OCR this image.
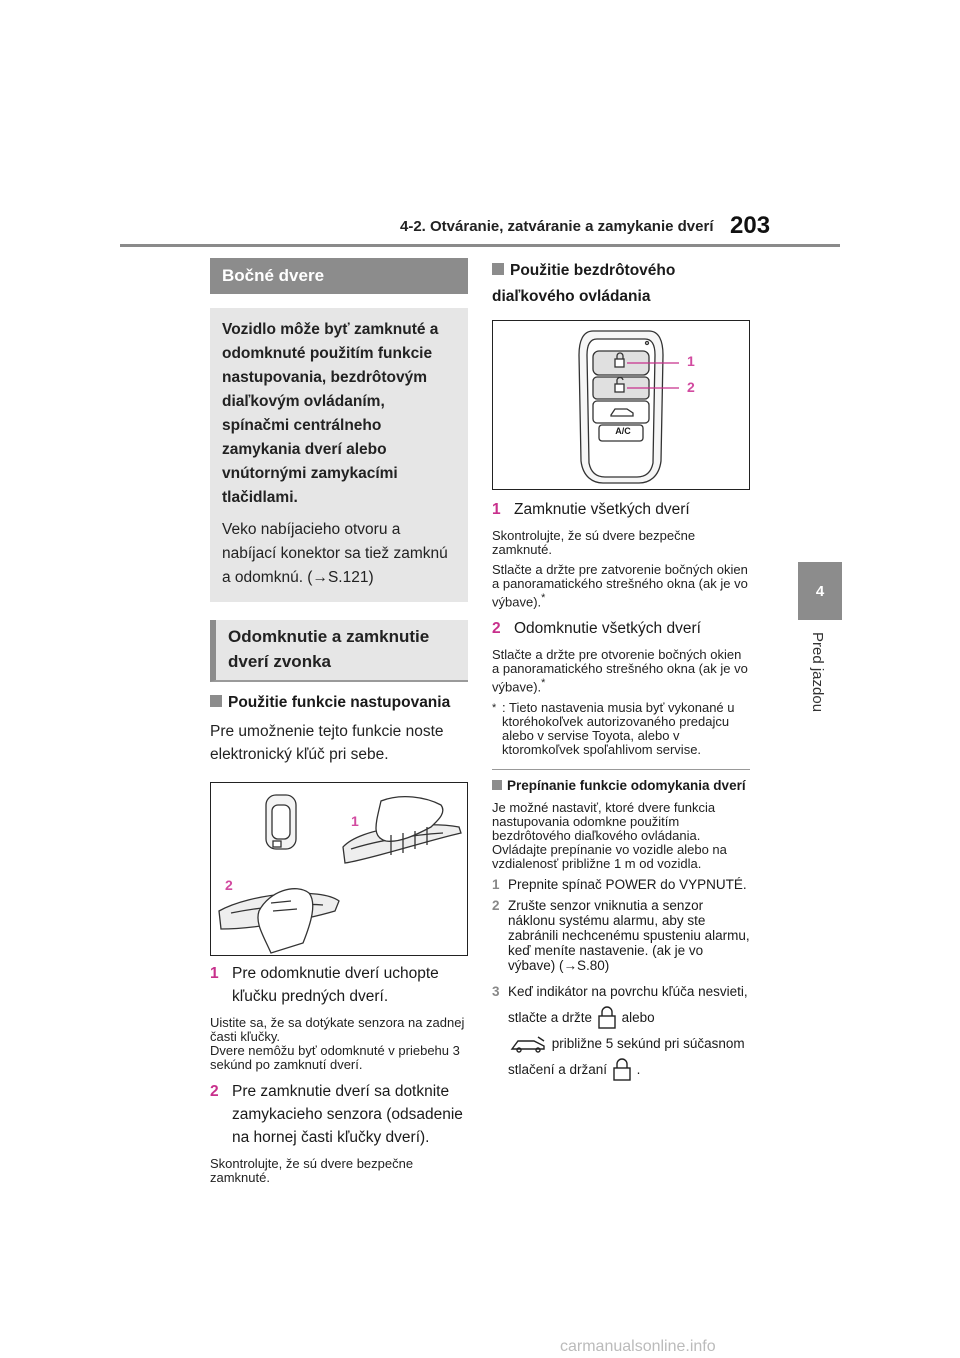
4-2. Otváranie, zatváranie a zamykanie dverí 203
4
Pred jazdou
Bočné dvere
Vozidlo môže byť zamknuté a odomknuté použitím funkcie nastupovania, bezdrôtovým diaľkovým ovládaním, spínačmi centrálneho zamykania dverí alebo vnútornými zamykacími tlačidlami.
Veko nabíjacieho otvoru a nabíjací konektor sa tiež zamknú a odomknú. (→S.121)
Odomknutie a zamknutie dverí zvonka
Použitie funkcie nastupovania
Pre umožnenie tejto funkcie noste elektronický kľúč pri sebe.
1
2
1 Pre odomknutie dverí uchopte kľučku predných dverí.
Uistite sa, že sa dotýkate senzora na zadnej časti kľučky.
Dvere nemôžu byť odomknuté v priebehu 3 sekúnd po zamknutí dverí.
2 Pre zamknutie dverí sa dotknite zamykacieho senzora (odsadenie na hornej časti kľučky dverí).
Skontrolujte, že sú dvere bezpečne zamknuté.
Použitie bezdrôtového diaľkového ovládania
A/C
1
2
1 Zamknutie všetkých dverí
Skontrolujte, že sú dvere bezpečne zamknuté.
Stlačte a držte pre zatvorenie bočných okien a panoramatického strešného okna (ak je vo výbave).*
2 Odomknutie všetkých dverí
Stlačte a držte pre otvorenie bočných okien a panoramatického strešného okna (ak je vo výbave).*
* : Tieto nastavenia musia byť vykonané u ktoréhokoľvek autorizovaného predajcu alebo v servise Toyota, alebo v ktoromkoľvek spoľahlivom servise.
Prepínanie funkcie odomykania dverí
Je možné nastaviť, ktoré dvere funkcia nastupovania odomkne použitím bezdrôtového diaľkového ovládania. Ovládajte prepínanie vo vozidle alebo na vzdialenosť približne 1 m od vozidla.
1 Prepnite spínač POWER do VYPNUTÉ.
2 Zrušte senzor vniknutia a senzor náklonu systému alarmu, aby ste zabránili nechcenému spusteniu alarmu, keď meníte nastavenie. (ak je vo výbave) (→S.80)
3 Keď indikátor na povrchu kľúča nesvieti, stlačte a držte alebo
približne 5 sekúnd pri súčasnom stlačení a držaní .
carmanualsonline.info
